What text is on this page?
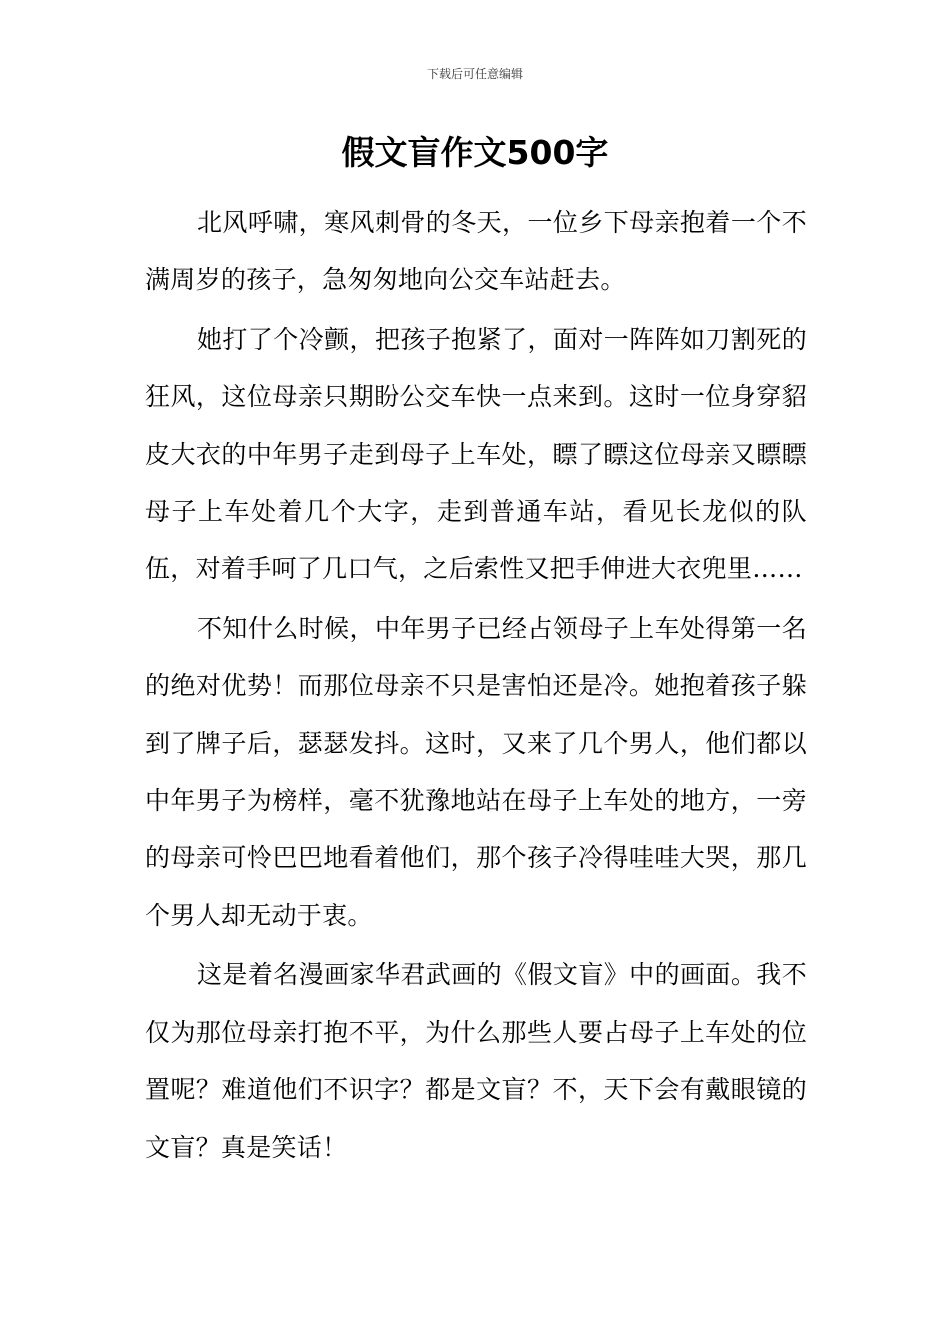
下载后可任意编辑
假文盲作文500字

北风呼啸，寒风刺骨的冬天，一位乡下母亲抱着一个不满周岁的孩子，急匆匆地向公交车站赶去。

她打了个冷颤，把孩子抱紧了，面对一阵阵如刀割死的狂风，这位母亲只期盼公交车快一点来到。这时一位身穿貂皮大衣的中年男子走到母子上车处，瞟了瞟这位母亲又瞟瞟母子上车处着几个大字，走到普通车站，看见长龙似的队伍，对着手呵了几口气，之后索性又把手伸进大衣兜里……

不知什么时候，中年男子已经占领母子上车处得第一名的绝对优势！而那位母亲不只是害怕还是冷。她抱着孩子躲到了牌子后，瑟瑟发抖。这时，又来了几个男人，他们都以中年男子为榜样，毫不犹豫地站在母子上车处的地方，一旁的母亲可怜巴巴地看着他们，那个孩子冷得哇哇大哭，那几个男人却无动于衷。

这是着名漫画家华君武画的《假文盲》中的画面。我不仅为那位母亲打抱不平，为什么那些人要占母子上车处的位置呢？难道他们不识字？都是文盲？不，天下会有戴眼镜的文盲？真是笑话！
